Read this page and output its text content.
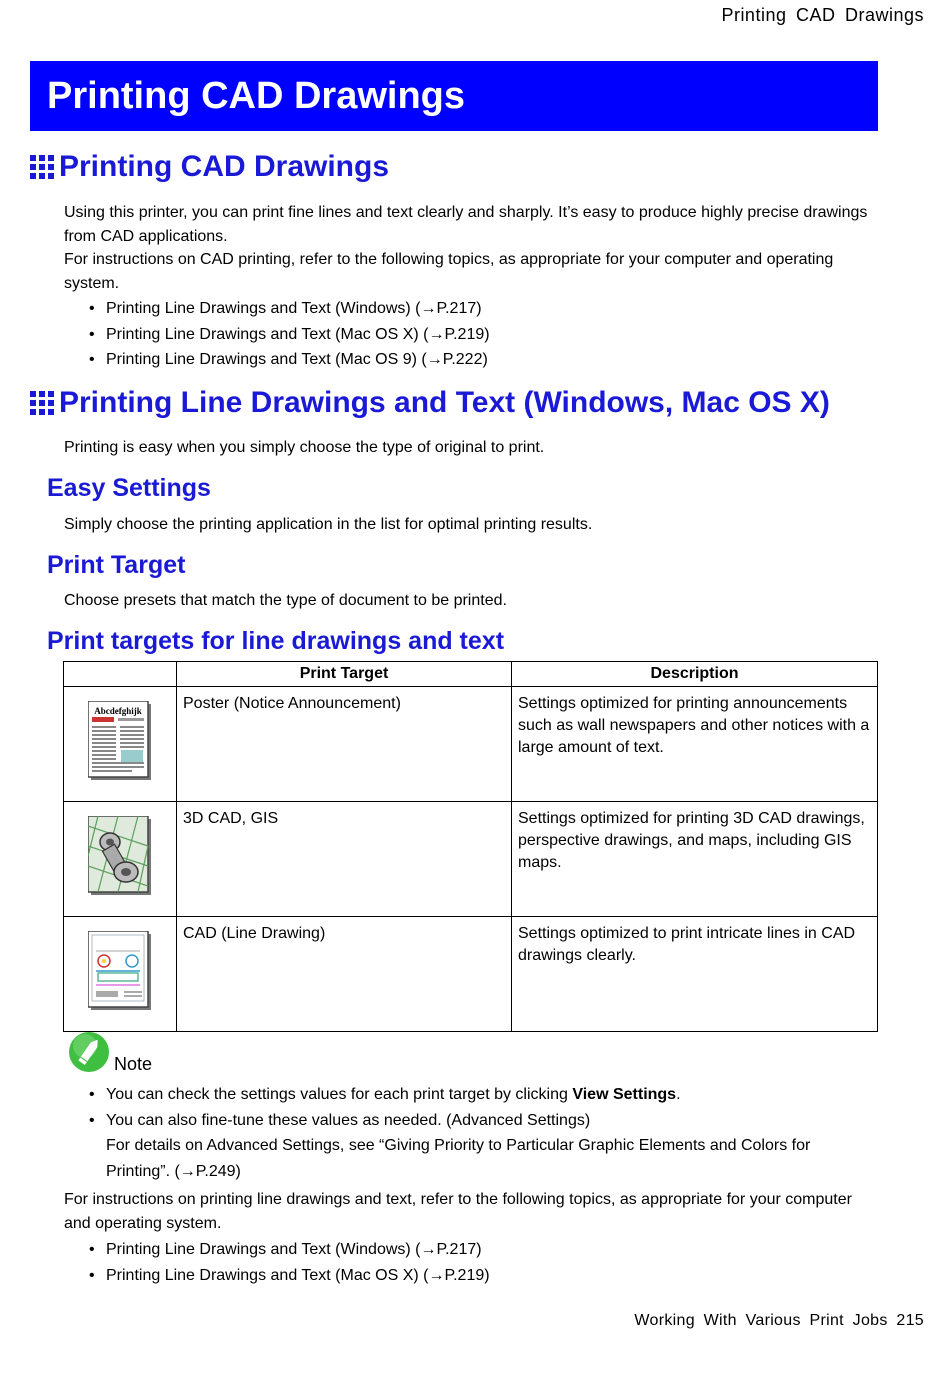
Printing CAD Drawings
Printing CAD Drawings
Printing CAD Drawings

Using this printer, you can print fine lines and text clearly and sharply. It’s easy to produce highly precise drawings from CAD applications.

For instructions on CAD printing, refer to the following topics, as appropriate for your computer and operating system.

• Printing Line Drawings and Text (Windows) (→P.217)
• Printing Line Drawings and Text (Mac OS X) (→P.219)
• Printing Line Drawings and Text (Mac OS 9) (→P.222)
Printing Line Drawings and Text (Windows, Mac OS X)
Printing is easy when you simply choose the type of original to print.
Easy Settings
Simply choose the printing application in the list for optimal printing results.
Print Target
Choose presets that match the type of document to be printed.
Print targets for line drawings and text
	Print Target	Description

Abcdefghijk	Poster (Notice Announcement)	Settings optimized for printing announcements such as wall newspapers and other notices with a large amount of text.
	3D CAD, GIS	Settings optimized for printing 3D CAD drawings, perspective drawings, and maps, including GIS maps.
	CAD (Line Drawing)	Settings optimized to print intricate lines in CAD drawings clearly.
Note
• You can check the settings values for each print target by clicking View Settings.
• You can also fine-tune these values as needed. (Advanced Settings)
For details on Advanced Settings, see “Giving Priority to Particular Graphic Elements and Colors for Printing”. (→P.249)
For instructions on printing line drawings and text, refer to the following topics, as appropriate for your computer and operating system.
• Printing Line Drawings and Text (Windows) (→P.217)
• Printing Line Drawings and Text (Mac OS X) (→P.219)
Working With Various Print Jobs 215
